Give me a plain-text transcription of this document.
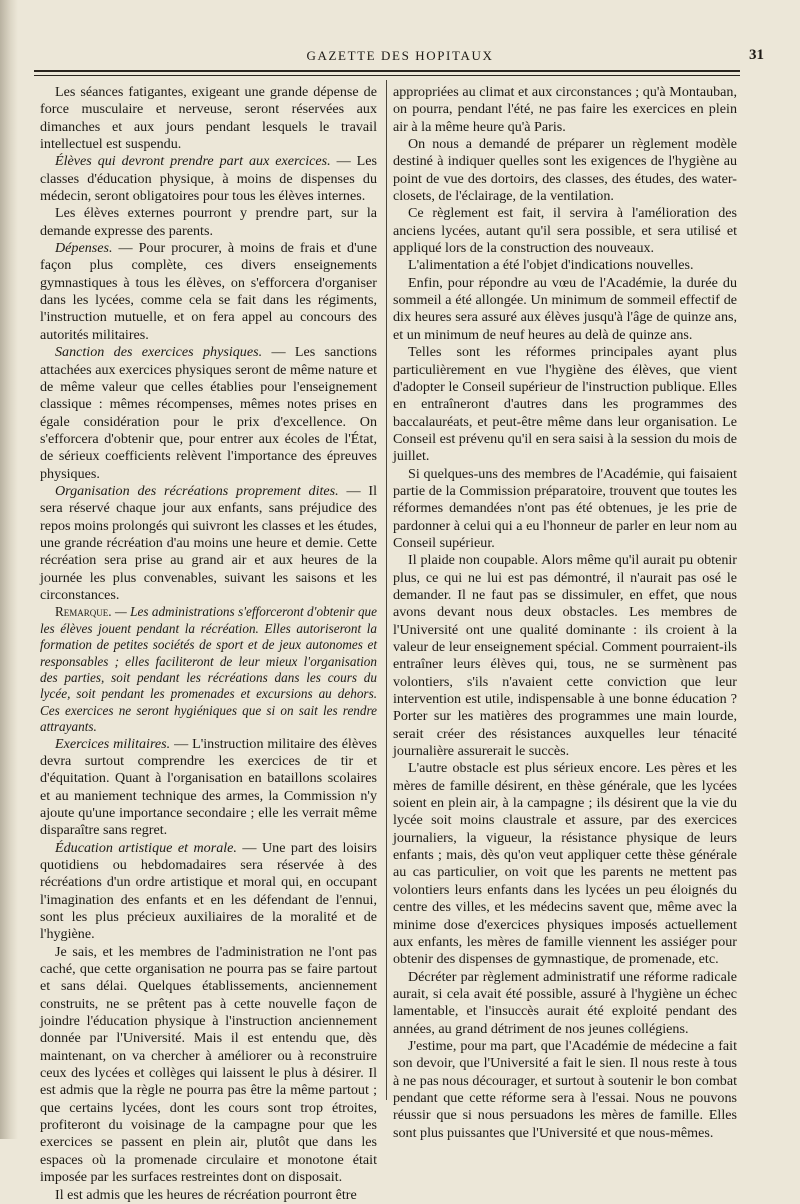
GAZETTE DES HOPITAUX	31

Les séances fatigantes, exigeant une grande dépense de force musculaire et nerveuse, seront réservées aux dimanches et aux jours pendant lesquels le travail intellectuel est suspendu.

Élèves qui devront prendre part aux exercices. — Les classes d'éducation physique, à moins de dispenses du médecin, seront obligatoires pour tous les élèves internes.

Les élèves externes pourront y prendre part, sur la demande expresse des parents.

Dépenses. — Pour procurer, à moins de frais et d'une façon plus complète, ces divers enseignements gymnastiques à tous les élèves, on s'efforcera d'organiser dans les lycées, comme cela se fait dans les régiments, l'instruction mutuelle, et on fera appel au concours des autorités militaires.

Sanction des exercices physiques. — Les sanctions attachées aux exercices physiques seront de même nature et de même valeur que celles établies pour l'enseignement classique : mêmes récompenses, mêmes notes prises en égale considération pour le prix d'excellence. On s'efforcera d'obtenir que, pour entrer aux écoles de l'État, de sérieux coefficients relèvent l'importance des épreuves physiques.

Organisation des récréations proprement dites. — Il sera réservé chaque jour aux enfants, sans préjudice des repos moins prolongés qui suivront les classes et les études, une grande récréation d'au moins une heure et demie. Cette récréation sera prise au grand air et aux heures de la journée les plus convenables, suivant les saisons et les circonstances.

Remarque. — Les administrations s'efforceront d'obtenir que les élèves jouent pendant la récréation. Elles autoriseront la formation de petites sociétés de sport et de jeux autonomes et responsables ; elles faciliteront de leur mieux l'organisation des parties, soit pendant les récréations dans les cours du lycée, soit pendant les promenades et excursions au dehors. Ces exercices ne seront hygiéniques que si on sait les rendre attrayants.

Exercices militaires. — L'instruction militaire des élèves devra surtout comprendre les exercices de tir et d'équitation. Quant à l'organisation en bataillons scolaires et au maniement technique des armes, la Commission n'y ajoute qu'une importance secondaire ; elle les verrait même disparaître sans regret.

Éducation artistique et morale. — Une part des loisirs quotidiens ou hebdomadaires sera réservée à des récréations d'un ordre artistique et moral qui, en occupant l'imagination des enfants et en les défendant de l'ennui, sont les plus précieux auxiliaires de la moralité et de l'hygiène.

Je sais, et les membres de l'administration ne l'ont pas caché, que cette organisation ne pourra pas se faire partout et sans délai. Quelques établissements, anciennement construits, ne se prêtent pas à cette nouvelle façon de joindre l'éducation physique à l'instruction anciennement donnée par l'Université. Mais il est entendu que, dès maintenant, on va chercher à améliorer ou à reconstruire ceux des lycées et collèges qui laissent le plus à désirer. Il est admis que la règle ne pourra pas être la même partout ; que certains lycées, dont les cours sont trop étroites, profiteront du voisinage de la campagne pour que les exercices se passent en plein air, plutôt que dans les espaces où la promenade circulaire et monotone était imposée par les surfaces restreintes dont on disposait.

Il est admis que les heures de récréation pourront être

appropriées au climat et aux circonstances ; qu'à Montauban, on pourra, pendant l'été, ne pas faire les exercices en plein air à la même heure qu'à Paris.

On nous a demandé de préparer un règlement modèle destiné à indiquer quelles sont les exigences de l'hygiène au point de vue des dortoirs, des classes, des études, des water-closets, de l'éclairage, de la ventilation.

Ce règlement est fait, il servira à l'amélioration des anciens lycées, autant qu'il sera possible, et sera utilisé et appliqué lors de la construction des nouveaux.

L'alimentation a été l'objet d'indications nouvelles.

Enfin, pour répondre au vœu de l'Académie, la durée du sommeil a été allongée. Un minimum de sommeil effectif de dix heures sera assuré aux élèves jusqu'à l'âge de quinze ans, et un minimum de neuf heures au delà de quinze ans.

Telles sont les réformes principales ayant plus particulièrement en vue l'hygiène des élèves, que vient d'adopter le Conseil supérieur de l'instruction publique. Elles en entraîneront d'autres dans les programmes des baccalauréats, et peut-être même dans leur organisation. Le Conseil est prévenu qu'il en sera saisi à la session du mois de juillet.

Si quelques-uns des membres de l'Académie, qui faisaient partie de la Commission préparatoire, trouvent que toutes les réformes demandées n'ont pas été obtenues, je les prie de pardonner à celui qui a eu l'honneur de parler en leur nom au Conseil supérieur.

Il plaide non coupable. Alors même qu'il aurait pu obtenir plus, ce qui ne lui est pas démontré, il n'aurait pas osé le demander. Il ne faut pas se dissimuler, en effet, que nous avons devant nous deux obstacles. Les membres de l'Université ont une qualité dominante : ils croient à la valeur de leur enseignement spécial. Comment pourraient-ils entraîner leurs élèves qui, tous, ne se surmènent pas volontiers, s'ils n'avaient cette conviction que leur intervention est utile, indispensable à une bonne éducation ? Porter sur les matières des programmes une main lourde, serait créer des résistances auxquelles leur ténacité journalière assurerait le succès.

L'autre obstacle est plus sérieux encore. Les pères et les mères de famille désirent, en thèse générale, que les lycées soient en plein air, à la campagne ; ils désirent que la vie du lycée soit moins claustrale et assure, par des exercices journaliers, la vigueur, la résistance physique de leurs enfants ; mais, dès qu'on veut appliquer cette thèse générale au cas particulier, on voit que les parents ne mettent pas volontiers leurs enfants dans les lycées un peu éloignés du centre des villes, et les médecins savent que, même avec la minime dose d'exercices physiques imposés actuellement aux enfants, les mères de famille viennent les assiéger pour obtenir des dispenses de gymnastique, de promenade, etc.

Décréter par règlement administratif une réforme radicale aurait, si cela avait été possible, assuré à l'hygiène un échec lamentable, et l'insuccès aurait été exploité pendant des années, au grand détriment de nos jeunes collégiens.

J'estime, pour ma part, que l'Académie de médecine a fait son devoir, que l'Université a fait le sien. Il nous reste à tous à ne pas nous décourager, et surtout à soutenir le bon combat pendant que cette réforme sera à l'essai. Nous ne pouvons réussir que si nous persuadons les mères de famille. Elles sont plus puissantes que l'Université et que nous-mêmes.
